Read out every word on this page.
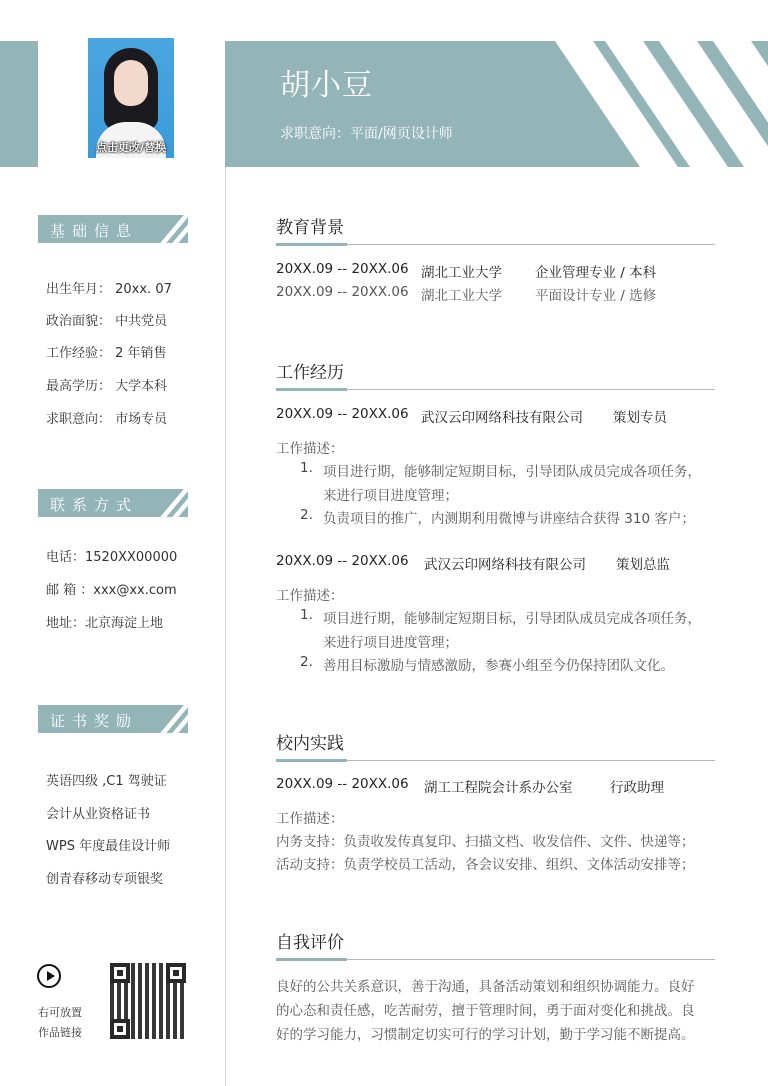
点击更改/替换
胡小豆
求职意向：平面/网页设计师
基础信息
出生年月： 20xx. 07
政治面貌： 中共党员
工作经验： 2 年销售
最高学历： 大学本科
求职意向： 市场专员
联系方式
电话：1520XX00000
邮 箱 ：xxx@xx.com
地址：北京海淀上地
证书奖励
英语四级 ,C1 驾驶证
会计从业资格证书
WPS 年度最佳设计师
创青春移动专项银奖
右可放置
作品链接
教育背景
20XX.09 -- 20XX.06 湖北工业大学 企业管理专业 / 本科
20XX.09 -- 20XX.06 湖北工业大学 平面设计专业 / 选修
工作经历
20XX.09 -- 20XX.06 武汉云印网络科技有限公司 策划专员
工作描述：
1. 项目进行期，能够制定短期目标，引导团队成员完成各项任务，
来进行项目进度管理；
2. 负责项目的推广，内测期利用微博与讲座结合获得 310 客户；
20XX.09 -- 20XX.06 武汉云印网络科技有限公司 策划总监
工作描述：
1. 项目进行期，能够制定短期目标，引导团队成员完成各项任务，
来进行项目进度管理；
2. 善用目标激励与情感激励，参赛小组至今仍保持团队文化。
校内实践
20XX.09 -- 20XX.06 湖工工程院会计系办公室	行政助理
工作描述：
内务支持：负责收发传真复印、扫描文档、收发信件、文件、快递等；
活动支持：负责学校员工活动，各会议安排、组织、文体活动安排等；
自我评价
良好的公共关系意识，善于沟通，具备活动策划和组织协调能力。良好
的心态和责任感，吃苦耐劳，擅于管理时间，勇于面对变化和挑战。良
好的学习能力，习惯制定切实可行的学习计划，勤于学习能不断提高。
